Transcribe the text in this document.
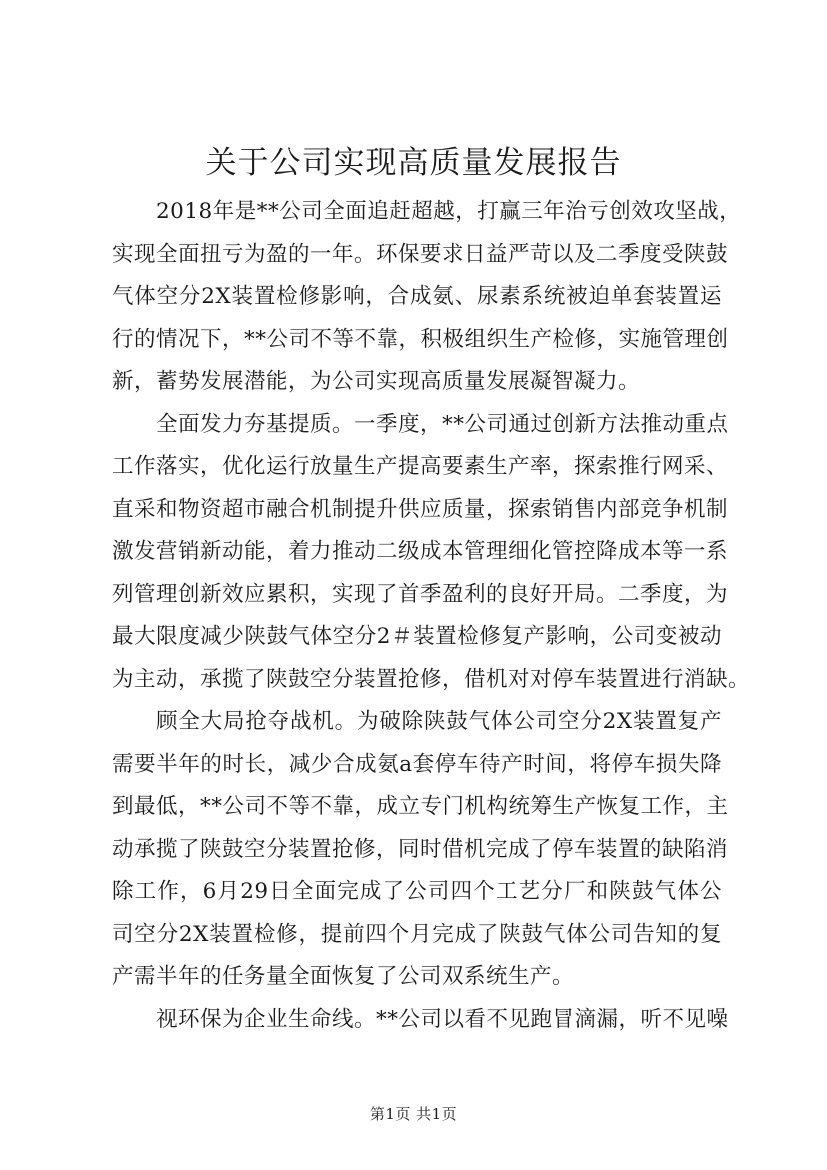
关于公司实现高质量发展报告
2018年是**公司全面追赶超越，打赢三年治亏创效攻坚战，
实现全面扭亏为盈的一年。环保要求日益严苛以及二季度受陕鼓
气体空分2X装置检修影响，合成氨、尿素系统被迫单套装置运
行的情况下，**公司不等不靠，积极组织生产检修，实施管理创
新，蓄势发展潜能，为公司实现高质量发展凝智凝力。
全面发力夯基提质。一季度，**公司通过创新方法推动重点
工作落实，优化运行放量生产提高要素生产率，探索推行网采、
直采和物资超市融合机制提升供应质量，探索销售内部竞争机制
激发营销新动能，着力推动二级成本管理细化管控降成本等一系
列管理创新效应累积，实现了首季盈利的良好开局。二季度，为
最大限度减少陕鼓气体空分2＃装置检修复产影响，公司变被动
为主动，承揽了陕鼓空分装置抢修，借机对对停车装置进行消缺。
顾全大局抢夺战机。为破除陕鼓气体公司空分2X装置复产
需要半年的时长，减少合成氨a套停车待产时间，将停车损失降
到最低，**公司不等不靠，成立专门机构统筹生产恢复工作，主
动承揽了陕鼓空分装置抢修，同时借机完成了停车装置的缺陷消
除工作，6月29日全面完成了公司四个工艺分厂和陕鼓气体公
司空分2X装置检修，提前四个月完成了陕鼓气体公司告知的复
产需半年的任务量全面恢复了公司双系统生产。
视环保为企业生命线。**公司以看不见跑冒滴漏，听不见噪
第1页 共1页
